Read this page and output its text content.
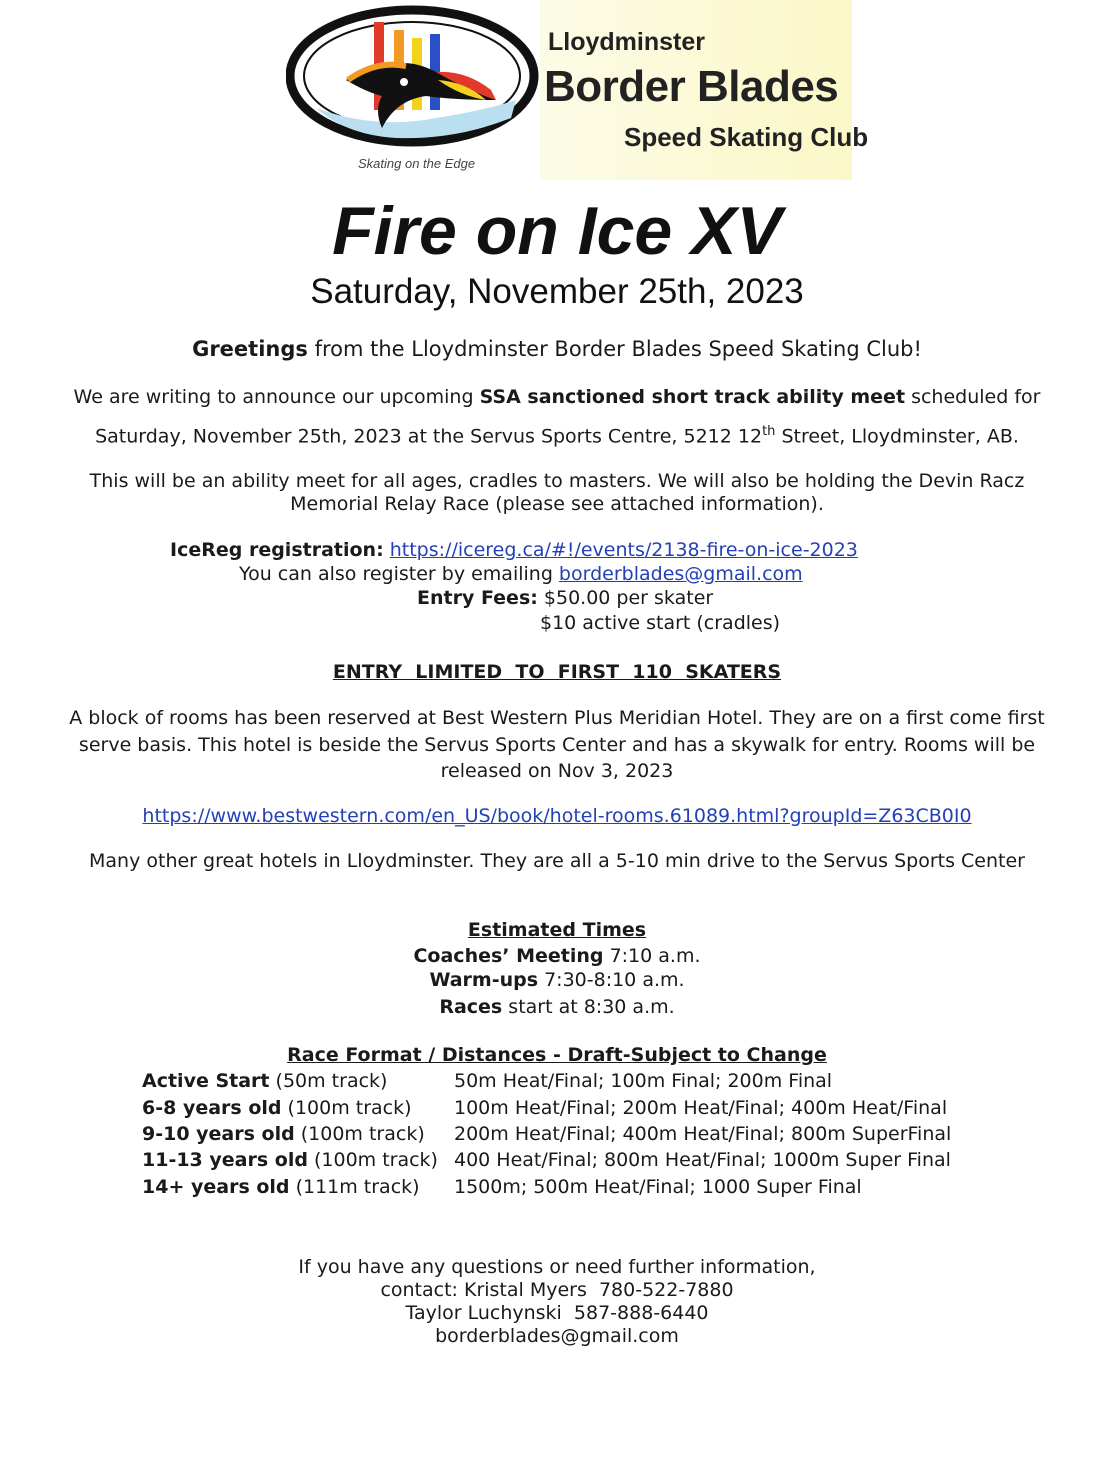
Lloydminster
Border Blades
Speed Skating Club
Skating on the Edge
Fire on Ice XV
Saturday, November 25th, 2023
Greetings from the Lloydminster Border Blades Speed Skating Club!
We are writing to announce our upcoming SSA sanctioned short track ability meet scheduled for
Saturday, November 25th, 2023 at the Servus Sports Centre, 5212 12th Street, Lloydminster, AB.
This will be an ability meet for all ages, cradles to masters. We will also be holding the Devin Racz
Memorial Relay Race (please see attached information).
IceReg registration: https://icereg.ca/#!/events/2138-fire-on-ice-2023
You can also register by emailing borderblades@gmail.com
Entry Fees: $50.00 per skater
$10 active start (cradles)
ENTRY  LIMITED  TO  FIRST  110  SKATERS
A block of rooms has been reserved at Best Western Plus Meridian Hotel. They are on a first come first
serve basis. This hotel is beside the Servus Sports Center and has a skywalk for entry. Rooms will be
released on Nov 3, 2023
https://www.bestwestern.com/en_US/book/hotel-rooms.61089.html?groupId=Z63CB0I0
Many other great hotels in Lloydminster. They are all a 5-10 min drive to the Servus Sports Center
Estimated Times
Coaches’ Meeting 7:10 a.m.
Warm-ups 7:30-8:10 a.m.
Races start at 8:30 a.m.
Race Format / Distances - Draft-Subject to Change
Active Start (50m track)	50m Heat/Final; 100m Final; 200m Final
6-8 years old (100m track) 100m Heat/Final; 200m Heat/Final; 400m Heat/Final
9-10 years old (100m track) 200m Heat/Final; 400m Heat/Final; 800m SuperFinal
11-13 years old (100m track) 400 Heat/Final; 800m Heat/Final; 1000m Super Final
14+ years old (111m track) 1500m; 500m Heat/Final; 1000 Super Final
If you have any questions or need further information,
contact: Kristal Myers  780-522-7880
Taylor Luchynski  587-888-6440
borderblades@gmail.com
